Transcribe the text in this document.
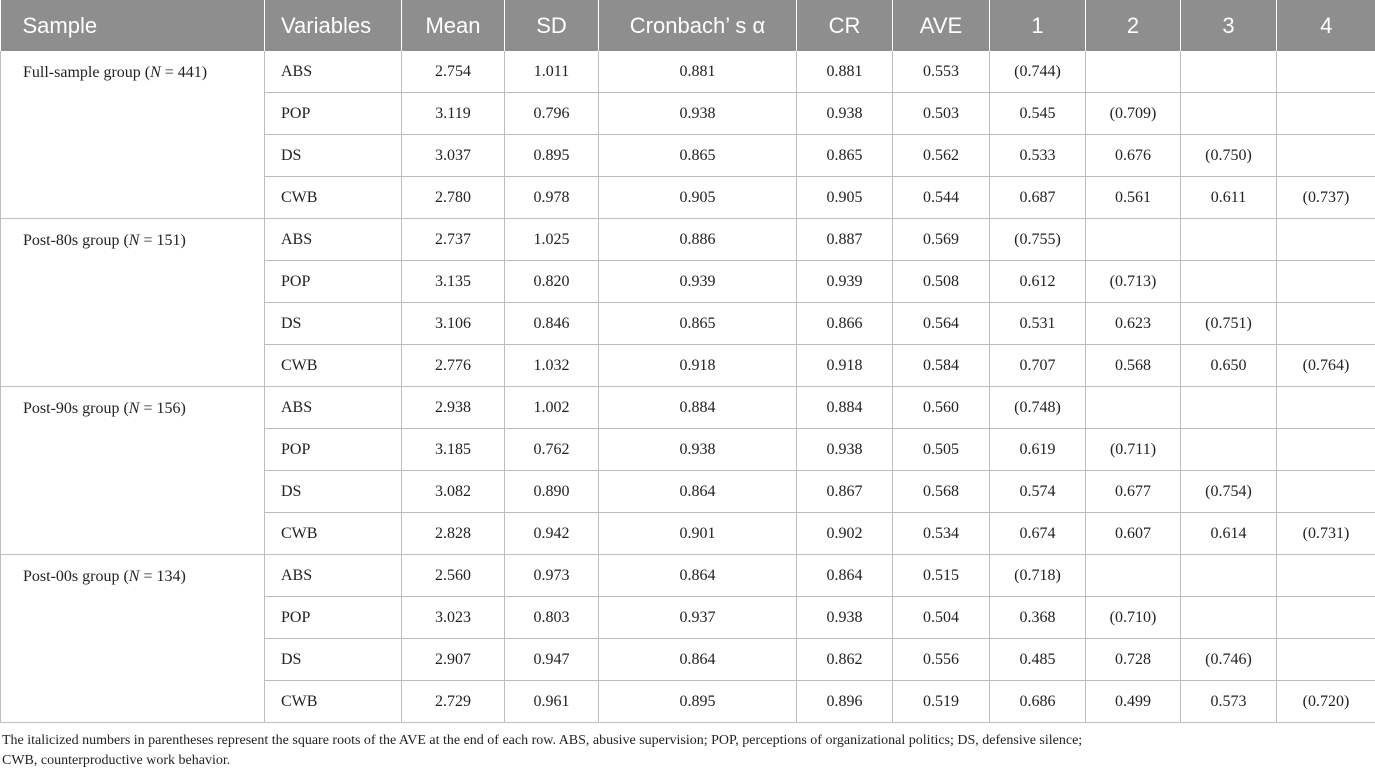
Sample	Variables	Mean	SD	Cronbach’ s α	CR	AVE	1	2	3	4
Full-sample group (N = 441)	ABS	2.754	1.011	0.881	0.881	0.553	(0.744)			
	POP	3.119	0.796	0.938	0.938	0.503	0.545	(0.709)		
	DS	3.037	0.895	0.865	0.865	0.562	0.533	0.676	(0.750)	
	CWB	2.780	0.978	0.905	0.905	0.544	0.687	0.561	0.611	(0.737)
Post-80s group (N = 151)	ABS	2.737	1.025	0.886	0.887	0.569	(0.755)			
	POP	3.135	0.820	0.939	0.939	0.508	0.612	(0.713)		
	DS	3.106	0.846	0.865	0.866	0.564	0.531	0.623	(0.751)	
	CWB	2.776	1.032	0.918	0.918	0.584	0.707	0.568	0.650	(0.764)
Post-90s group (N = 156)	ABS	2.938	1.002	0.884	0.884	0.560	(0.748)			
	POP	3.185	0.762	0.938	0.938	0.505	0.619	(0.711)		
	DS	3.082	0.890	0.864	0.867	0.568	0.574	0.677	(0.754)	
	CWB	2.828	0.942	0.901	0.902	0.534	0.674	0.607	0.614	(0.731)
Post-00s group (N = 134)	ABS	2.560	0.973	0.864	0.864	0.515	(0.718)			
	POP	3.023	0.803	0.937	0.938	0.504	0.368	(0.710)		
	DS	2.907	0.947	0.864	0.862	0.556	0.485	0.728	(0.746)	
	CWB	2.729	0.961	0.895	0.896	0.519	0.686	0.499	0.573	(0.720)
The italicized numbers in parentheses represent the square roots of the AVE at the end of each row. ABS, abusive supervision; POP, perceptions of organizational politics; DS, defensive silence;
CWB, counterproductive work behavior.
